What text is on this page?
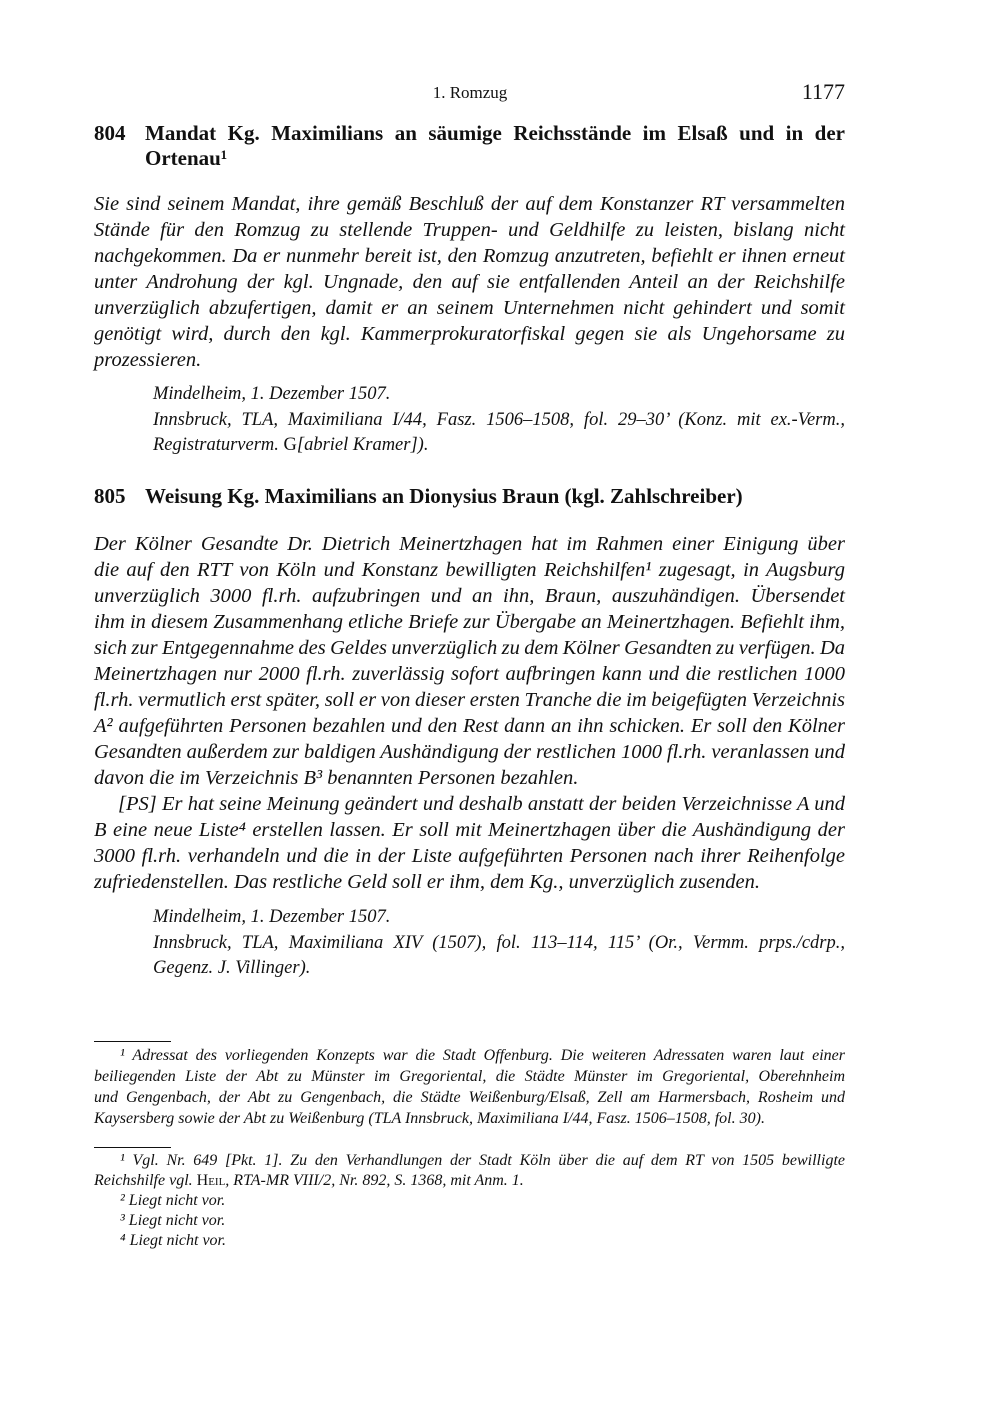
1. Romzug	1177
804
805
Mandat Kg. Maximilians an säumige Reichsstände im Elsaß und in der
Ortenau¹
Sie sind seinem Mandat, ihre gemäß Beschluß der auf dem Konstanzer RT versammelten
Stände für den Romzug zu stellende Truppen- und Geldhilfe zu leisten, bislang nicht
nachgekommen. Da er nunmehr bereit ist, den Romzug anzutreten, befiehlt er ihnen erneut
unter Androhung der kgl. Ungnade, den auf sie entfallenden Anteil an der Reichshilfe
unverzüglich abzufertigen, damit er an seinem Unternehmen nicht gehindert und somit
genötigt wird, durch den kgl. Kammerprokuratorfiskal gegen sie als Ungehorsame zu
prozessieren.
Mindelheim, 1. Dezember 1507.
Innsbruck, TLA, Maximiliana I/44, Fasz. 1506–1508, fol. 29–30’ (Konz. mit ex.-Verm.,
Registraturverm. G[abriel Kramer]).
Weisung Kg. Maximilians an Dionysius Braun (kgl. Zahlschreiber)
Der Kölner Gesandte Dr. Dietrich Meinertzhagen hat im Rahmen einer Einigung über
die auf den RTT von Köln und Konstanz bewilligten Reichshilfen¹ zugesagt, in Augsburg
unverzüglich 3000 fl.rh. aufzubringen und an ihn, Braun, auszuhändigen. Übersendet
ihm in diesem Zusammenhang etliche Briefe zur Übergabe an Meinertzhagen. Befiehlt ihm,
sich zur Entgegennahme des Geldes unverzüglich zu dem Kölner Gesandten zu verfügen. Da
Meinertzhagen nur 2000 fl.rh. zuverlässig sofort aufbringen kann und die restlichen 1000
fl.rh. vermutlich erst später, soll er von dieser ersten Tranche die im beigefügten Verzeichnis
A² aufgeführten Personen bezahlen und den Rest dann an ihn schicken. Er soll den Kölner
Gesandten außerdem zur baldigen Aushändigung der restlichen 1000 fl.rh. veranlassen und
davon die im Verzeichnis B³ benannten Personen bezahlen.
[PS] Er hat seine Meinung geändert und deshalb anstatt der beiden Verzeichnisse A und
B eine neue Liste⁴ erstellen lassen. Er soll mit Meinertzhagen über die Aushändigung der
3000 fl.rh. verhandeln und die in der Liste aufgeführten Personen nach ihrer Reihenfolge
zufriedenstellen. Das restliche Geld soll er ihm, dem Kg., unverzüglich zusenden.
Mindelheim, 1. Dezember 1507.
Innsbruck, TLA, Maximiliana XIV (1507), fol. 113–114, 115’ (Or., Vermm. prps./cdrp.,
Gegenz. J. Villinger).
¹ Adressat des vorliegenden Konzepts war die Stadt Offenburg. Die weiteren Adressaten waren laut einer
beiliegenden Liste der Abt zu Münster im Gregoriental, die Städte Münster im Gregoriental, Oberehnheim
und Gengenbach, der Abt zu Gengenbach, die Städte Weißenburg/Elsaß, Zell am Harmersbach, Rosheim und
Kaysersberg sowie der Abt zu Weißenburg (TLA Innsbruck, Maximiliana I/44, Fasz. 1506–1508, fol. 30).
¹ Vgl. Nr. 649 [Pkt. 1]. Zu den Verhandlungen der Stadt Köln über die auf dem RT von 1505 bewilligte
Reichshilfe vgl. Heil, RTA-MR VIII/2, Nr. 892, S. 1368, mit Anm. 1.
² Liegt nicht vor.
³ Liegt nicht vor.
⁴ Liegt nicht vor.
